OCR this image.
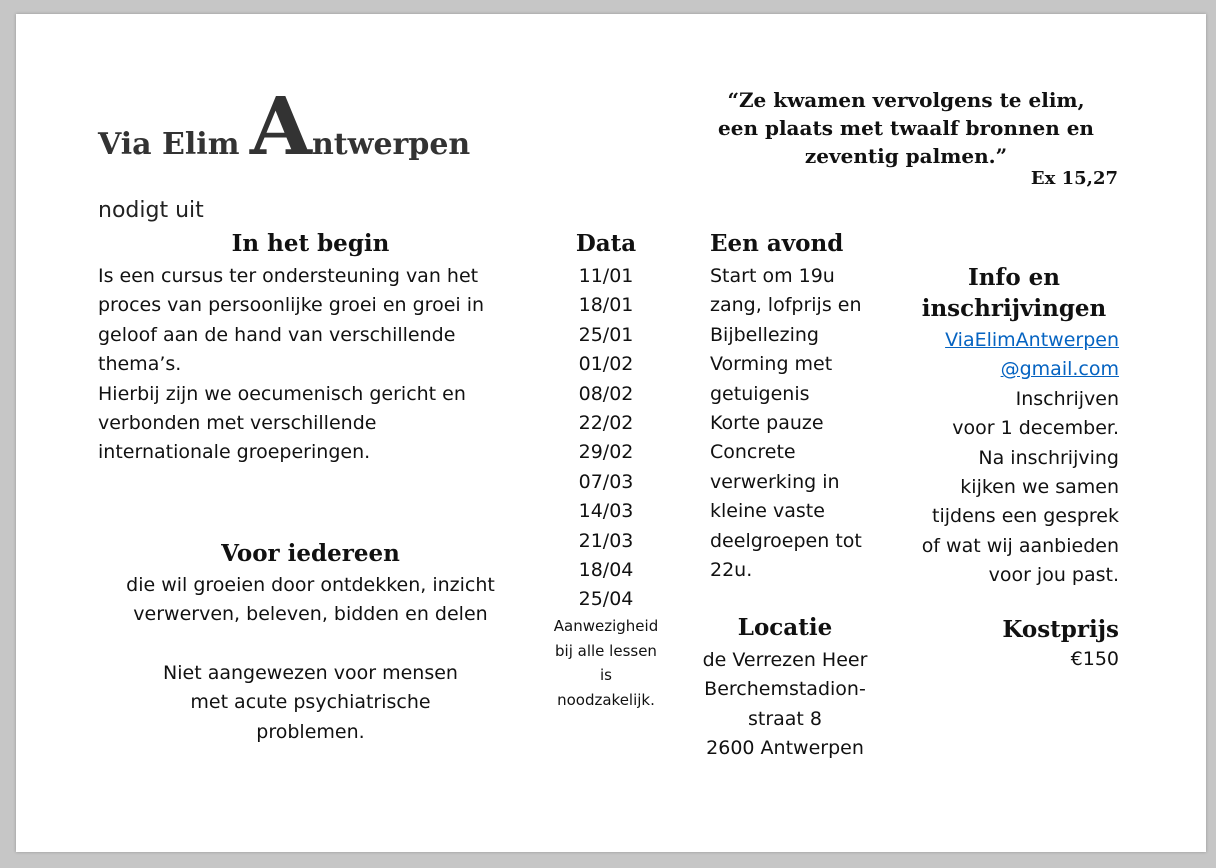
Via Elim Antwerpen
“Ze kwamen vervolgens te elim,
een plaats met twaalf bronnen en
zeventig palmen.”
Ex 15,27
nodigt uit
In het begin
Is een cursus ter ondersteuning van het
proces van persoonlijke groei en groei in
geloof aan de hand van verschillende
thema’s.
Hierbij zijn we oecumenisch gericht en
verbonden met verschillende
internationale groeperingen.
Voor iedereen
die wil groeien door ontdekken, inzicht
verwerven, beleven, bidden en delen
Niet aangewezen voor mensen
met acute psychiatrische
problemen.
Data
11/01
18/01
25/01
01/02
08/02
22/02
29/02
07/03
14/03
21/03
18/04
25/04
Aanwezigheid
bij alle lessen
is
noodzakelijk.
Een avond
Start om 19u
zang, lofprijs en
Bijbellezing
Vorming met
getuigenis
Korte pauze
Concrete
verwerking in
kleine vaste
deelgroepen tot
22u.
Locatie
de Verrezen Heer
Berchemstadion-
straat 8
2600 Antwerpen
Info en inschrijvingen
ViaElimAntwerpen
@gmail.com
Inschrijven
voor 1 december.
Na inschrijving
kijken we samen
tijdens een gesprek
of wat wij aanbieden
voor jou past.
Kostprijs
€150
